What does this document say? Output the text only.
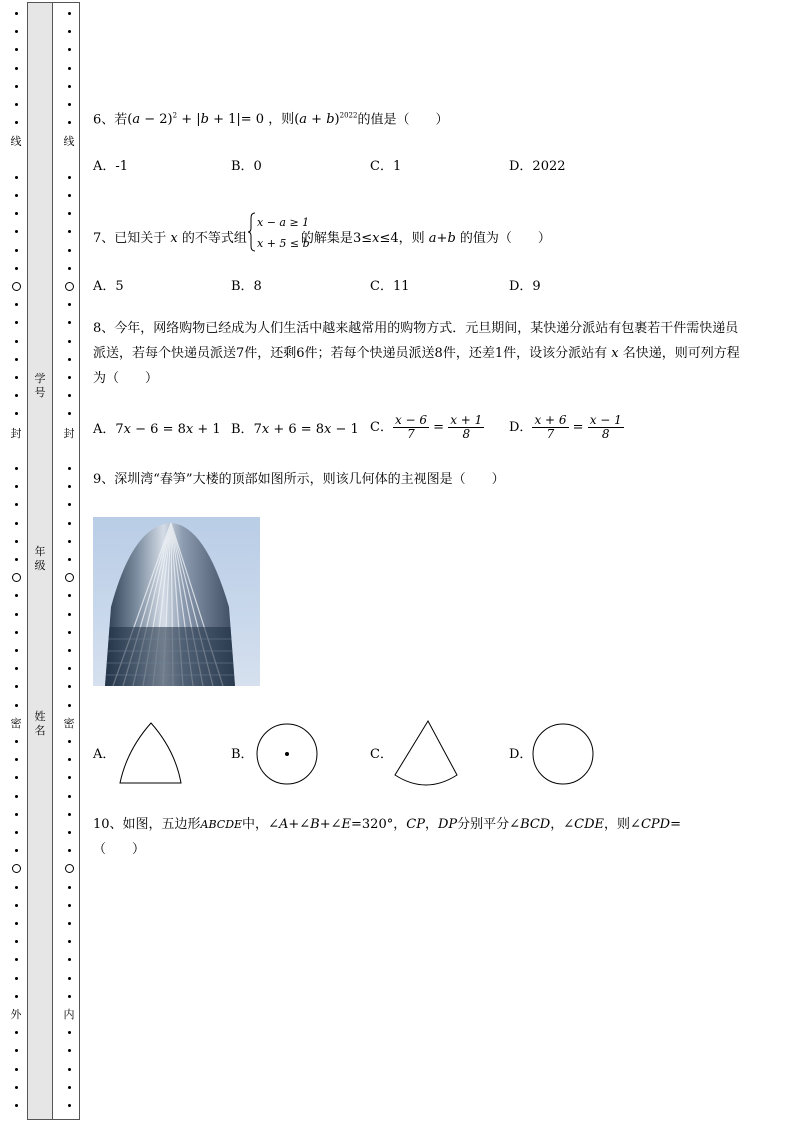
线
封
密
外
线
封
密
内
学号
年级
姓名
6、若$(a - 2)^2 + |b + 1|= 0$ ，则$(a + b)^{2022}$的值是（　　）
A．-1	B．0	C．1	D．2022
7、已知关于 x 的不等式组
x − a ≥ 1
x + 5 ≤ b
的解集是3≤x≤4，则 a+b 的值为（　　）
A．5	B．8	C．11	D．9
8、今年，网络购物已经成为人们生活中越来越常用的购物方式．元旦期间，某快递分派站有包裹若干件需快递员派送，若每个快递员派送7件，还剩6件；若每个快递员派送8件，还差1件，设该分派站有 x 名快递，则可列方程为（　　）
A．7x − 6 = 8x + 1 B．7x + 6 = 8x − 1 C． $\frac{x - 6}{7} = \frac{x + 1}{8}$ D． $\frac{x + 6}{7} = \frac{x - 1}{8}$
9、深圳湾“春笋”大楼的顶部如图所示，则该几何体的主视图是（　　）
A．	B．	C．	D．
10、如图，五边形ABCDE中，∠A+∠B+∠E=320°，CP，DP分别平分∠BCD，∠CDE，则∠CPD=
（　　）
